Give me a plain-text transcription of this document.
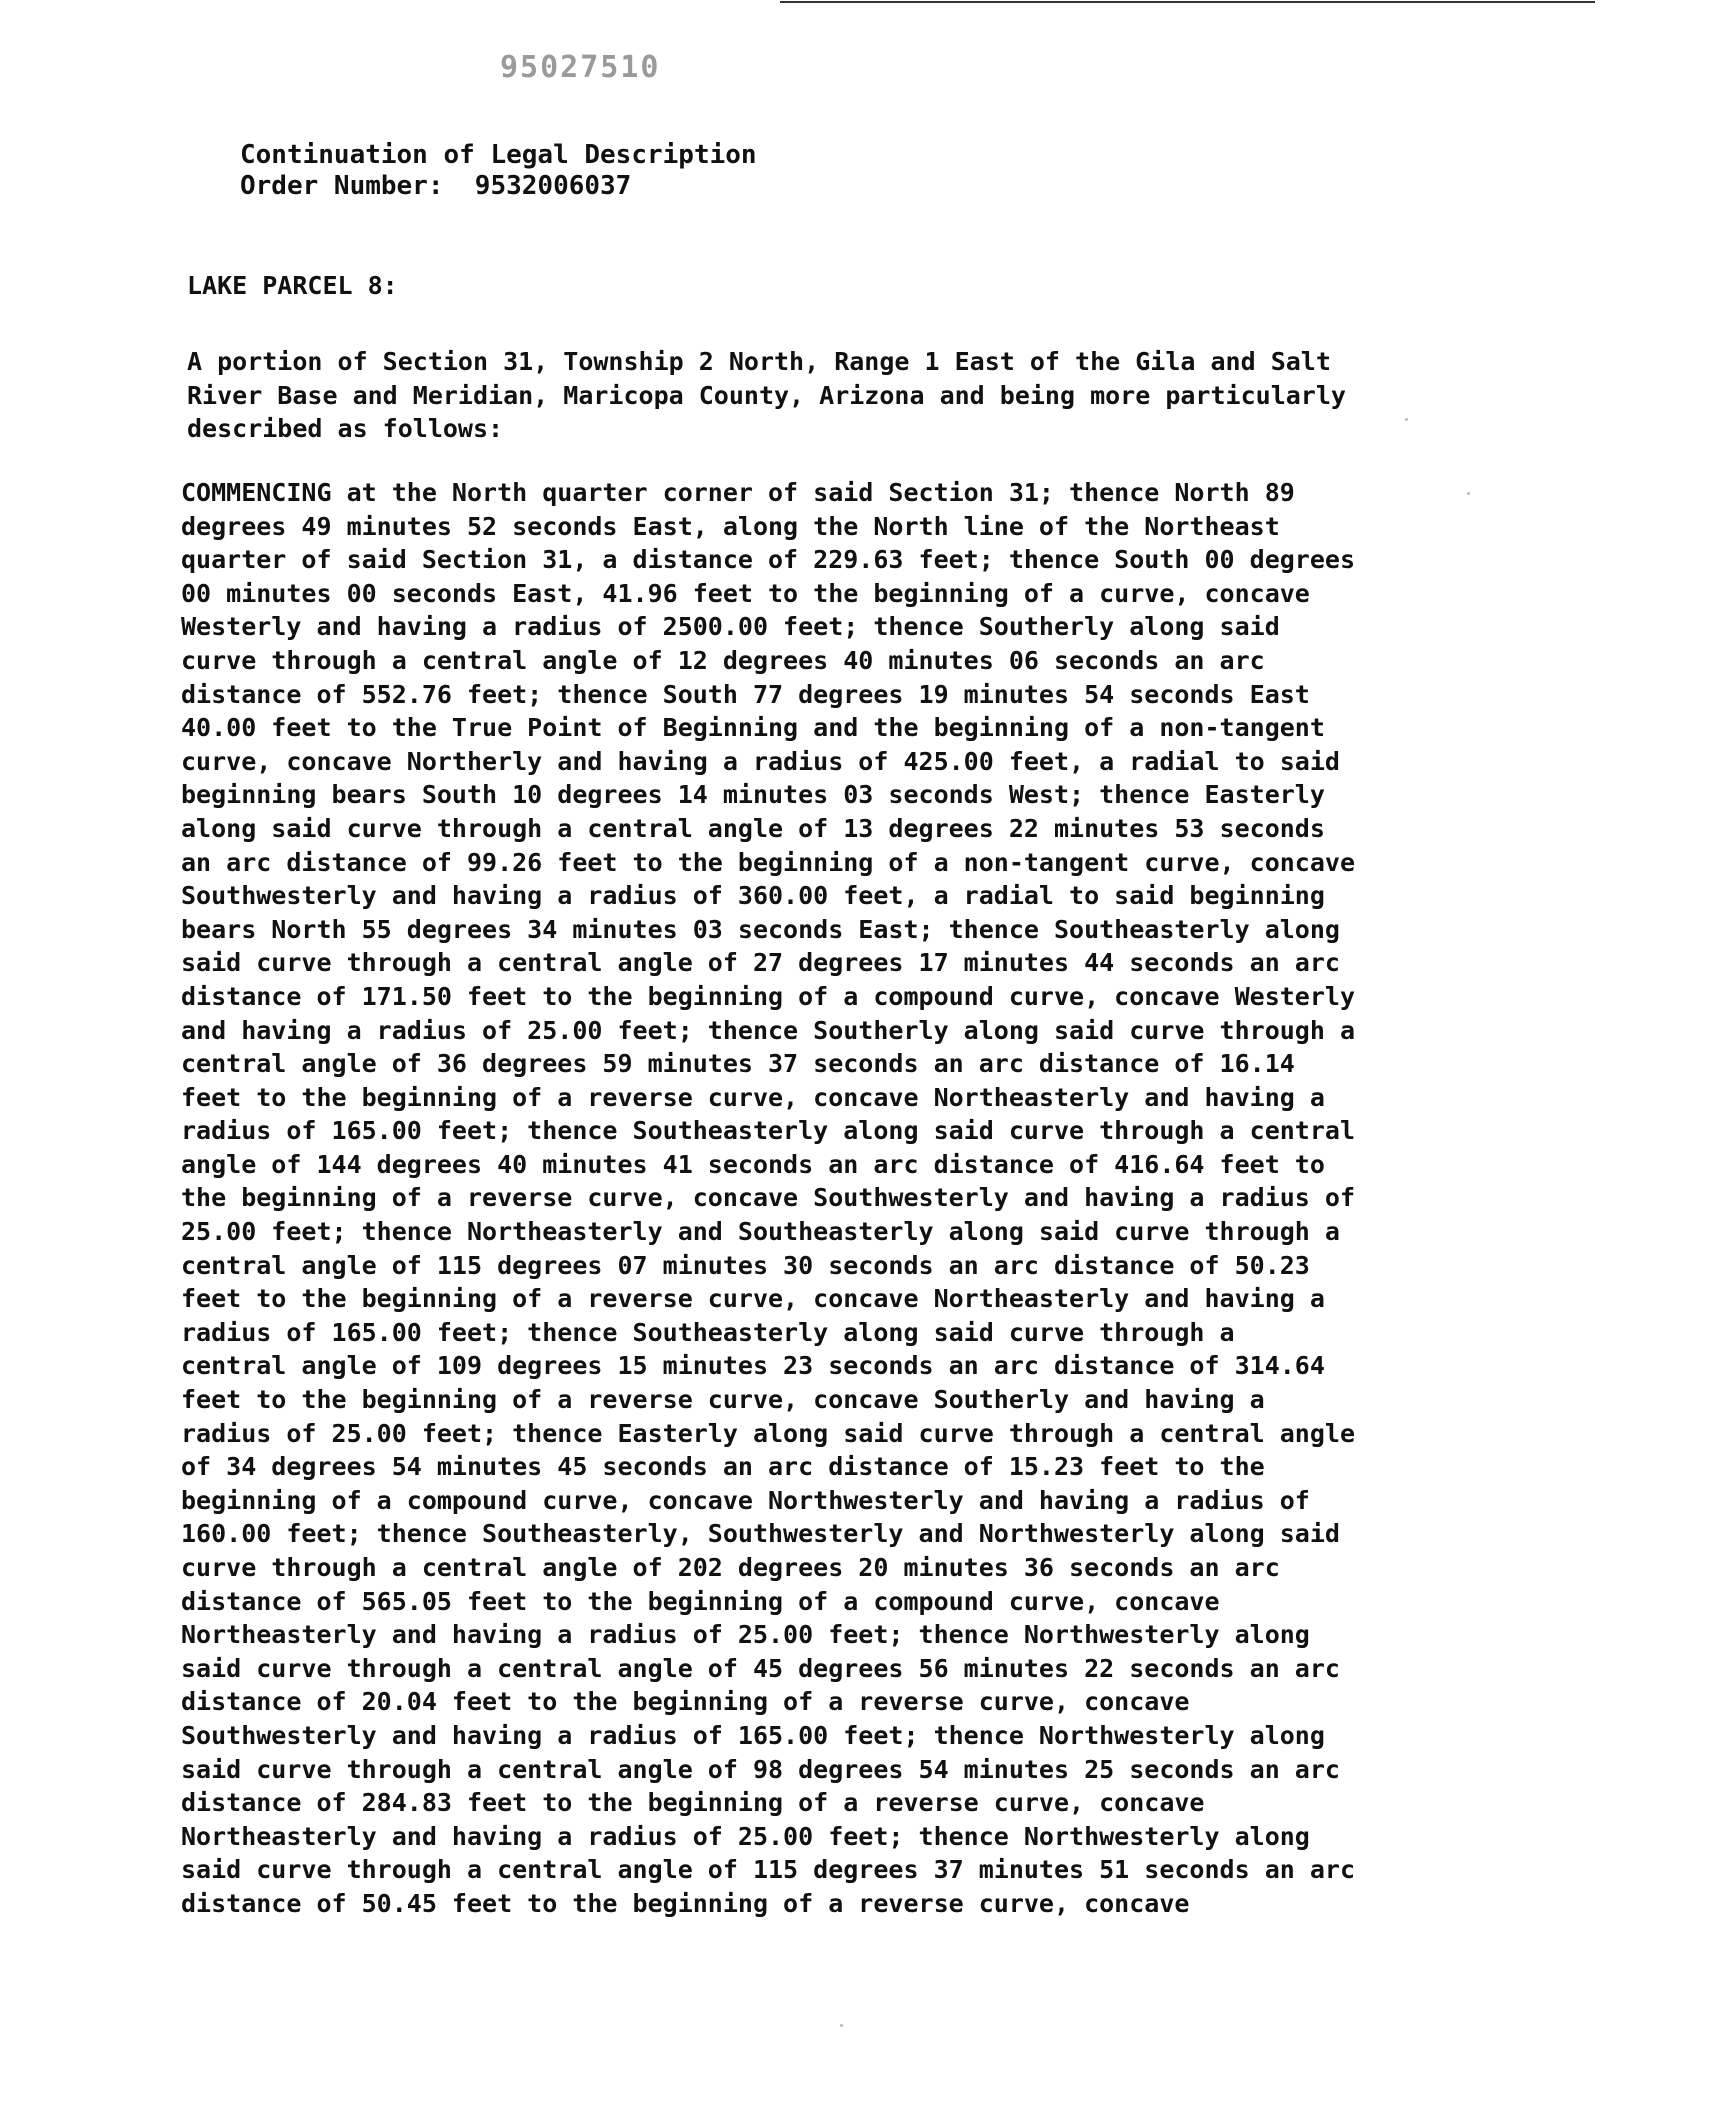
95027510
Continuation of Legal Description
Order Number:  9532006037
LAKE PARCEL 8:
A portion of Section 31, Township 2 North, Range 1 East of the Gila and Salt
River Base and Meridian, Maricopa County, Arizona and being more particularly
described as follows:
COMMENCING at the North quarter corner of said Section 31; thence North 89
degrees 49 minutes 52 seconds East, along the North line of the Northeast
quarter of said Section 31, a distance of 229.63 feet; thence South 00 degrees
00 minutes 00 seconds East, 41.96 feet to the beginning of a curve, concave
Westerly and having a radius of 2500.00 feet; thence Southerly along said
curve through a central angle of 12 degrees 40 minutes 06 seconds an arc
distance of 552.76 feet; thence South 77 degrees 19 minutes 54 seconds East
40.00 feet to the True Point of Beginning and the beginning of a non-tangent
curve, concave Northerly and having a radius of 425.00 feet, a radial to said
beginning bears South 10 degrees 14 minutes 03 seconds West; thence Easterly
along said curve through a central angle of 13 degrees 22 minutes 53 seconds
an arc distance of 99.26 feet to the beginning of a non-tangent curve, concave
Southwesterly and having a radius of 360.00 feet, a radial to said beginning
bears North 55 degrees 34 minutes 03 seconds East; thence Southeasterly along
said curve through a central angle of 27 degrees 17 minutes 44 seconds an arc
distance of 171.50 feet to the beginning of a compound curve, concave Westerly
and having a radius of 25.00 feet; thence Southerly along said curve through a
central angle of 36 degrees 59 minutes 37 seconds an arc distance of 16.14
feet to the beginning of a reverse curve, concave Northeasterly and having a
radius of 165.00 feet; thence Southeasterly along said curve through a central
angle of 144 degrees 40 minutes 41 seconds an arc distance of 416.64 feet to
the beginning of a reverse curve, concave Southwesterly and having a radius of
25.00 feet; thence Northeasterly and Southeasterly along said curve through a
central angle of 115 degrees 07 minutes 30 seconds an arc distance of 50.23
feet to the beginning of a reverse curve, concave Northeasterly and having a
radius of 165.00 feet; thence Southeasterly along said curve through a
central angle of 109 degrees 15 minutes 23 seconds an arc distance of 314.64
feet to the beginning of a reverse curve, concave Southerly and having a
radius of 25.00 feet; thence Easterly along said curve through a central angle
of 34 degrees 54 minutes 45 seconds an arc distance of 15.23 feet to the
beginning of a compound curve, concave Northwesterly and having a radius of
160.00 feet; thence Southeasterly, Southwesterly and Northwesterly along said
curve through a central angle of 202 degrees 20 minutes 36 seconds an arc
distance of 565.05 feet to the beginning of a compound curve, concave
Northeasterly and having a radius of 25.00 feet; thence Northwesterly along
said curve through a central angle of 45 degrees 56 minutes 22 seconds an arc
distance of 20.04 feet to the beginning of a reverse curve, concave
Southwesterly and having a radius of 165.00 feet; thence Northwesterly along
said curve through a central angle of 98 degrees 54 minutes 25 seconds an arc
distance of 284.83 feet to the beginning of a reverse curve, concave
Northeasterly and having a radius of 25.00 feet; thence Northwesterly along
said curve through a central angle of 115 degrees 37 minutes 51 seconds an arc
distance of 50.45 feet to the beginning of a reverse curve, concave
